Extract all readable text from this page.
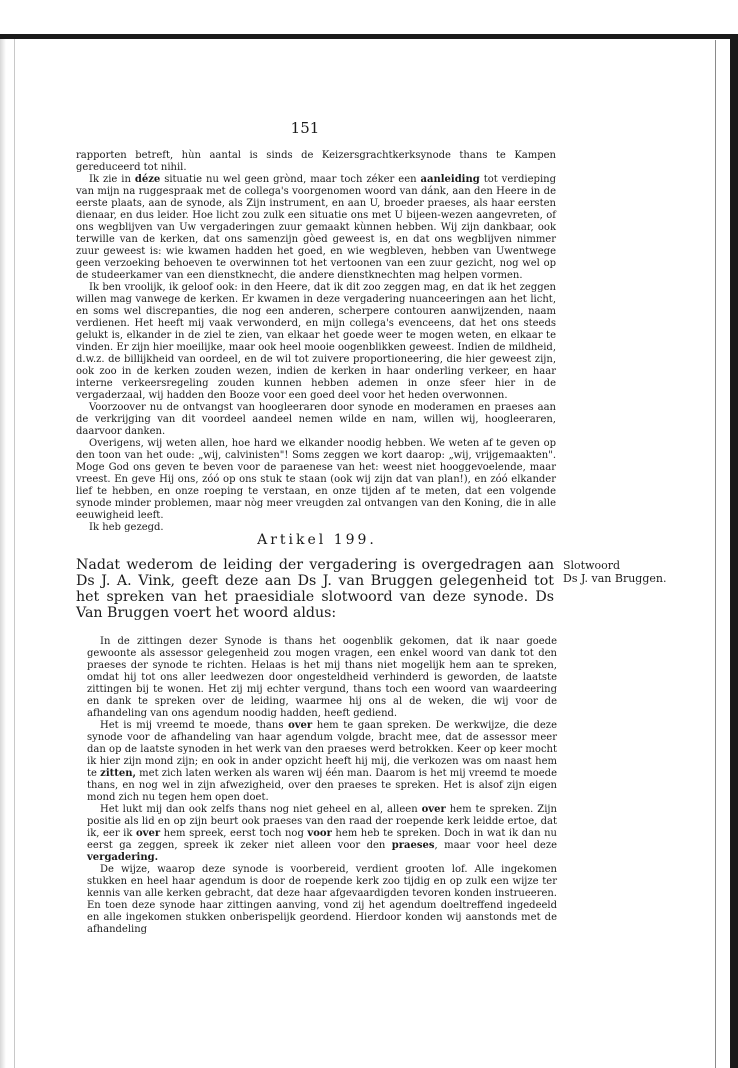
151

rapporten betreft, hùn aantal is sinds de Keizersgrachtkerksynode thans te Kampen gereduceerd tot nihil.

Ik zie in déze situatie nu wel geen grònd, maar toch zéker een aanleiding tot verdieping van mijn na ruggespraak met de collega's voorgenomen woord van dánk, aan den Heere in de eerste plaats, aan de synode, als Zijn instrument, en aan U, broeder praeses, als haar eersten dienaar, en dus leider. Hoe licht zou zulk een situatie ons met U bijeen-wezen aangevreten, of ons wegblijven van Uw vergaderingen zuur gemaakt kùnnen hebben. Wij zijn dankbaar, ook terwille van de kerken, dat ons samenzijn gòed geweest is, en dat ons wegblijven nimmer zuur geweest is: wie kwamen hadden het goed, en wie wegbleven, hebben van Uwentwege geen verzoeking behoeven te overwinnen tot het vertoonen van een zuur gezicht, nog wel op de studeerkamer van een dienstknecht, die andere dienstknechten mag helpen vormen.

Ik ben vroolijk, ik geloof ook: in den Heere, dat ik dit zoo zeggen mag, en dat ik het zeggen willen mag vanwege de kerken. Er kwamen in deze vergadering nuanceeringen aan het licht, en soms wel discrepanties, die nog een anderen, scherpere contouren aanwijzenden, naam verdienen. Het heeft mij vaak verwonderd, en mijn collega's evenceens, dat het ons steeds gelukt is, elkander in de ziel te zien, van elkaar het goede weer te mogen weten, en elkaar te vinden. Er zijn hier moeilijke, maar ook heel mooie oogenblikken geweest. Indien de mildheid, d.w.z. de billijkheid van oordeel, en de wil tot zuivere proportioneering, die hier geweest zijn, ook zoo in de kerken zouden wezen, indien de kerken in haar onderling verkeer, en haar interne verkeersregeling zouden kunnen hebben ademen in onze sfeer hier in de vergaderzaal, wij hadden den Booze voor een goed deel voor het heden overwonnen.

Voorzoover nu de ontvangst van hoogleeraren door synode en moderamen en praeses aan de verkrijging van dit voordeel aandeel nemen wilde en nam, willen wij, hoogleeraren, daarvoor danken.

Overigens, wij weten allen, hoe hard we elkander noodig hebben. We weten af te geven op den toon van het oude: „wij, calvinisten"! Soms zeggen we kort daarop: „wij, vrijgemaakten". Moge God ons geven te beven voor de paraenese van het: weest niet hooggevoelende, maar vreest. En geve Hij ons, zóó op ons stuk te staan (ook wij zijn dat van plan!), en zóó elkander lief te hebben, en onze roeping te verstaan, en onze tijden af te meten, dat een volgende synode minder problemen, maar nòg meer vreugden zal ontvangen van den Koning, die in alle eeuwigheid leeft.

Ik heb gezegd.

Artikel 199.
Nadat wederom de leiding der vergadering is overgedragen aan Ds J. A. Vink, geeft deze aan Ds J. van Bruggen gelegenheid tot het spreken van het praesidiale slotwoord van deze synode. Ds Van Bruggen voert het woord aldus:
Slotwoord
Ds J. van Bruggen.

In de zittingen dezer Synode is thans het oogenblik gekomen, dat ik naar goede gewoonte als assessor gelegenheid zou mogen vragen, een enkel woord van dank tot den praeses der synode te richten. Helaas is het mij thans niet mogelijk hem aan te spreken, omdat hij tot ons aller leedwezen door ongesteldheid verhinderd is geworden, de laatste zittingen bij te wonen. Het zij mij echter vergund, thans toch een woord van waardeering en dank te spreken over de leiding, waarmee hij ons al de weken, die wij voor de afhandeling van ons agendum noodig hadden, heeft gediend.

Het is mij vreemd te moede, thans over hem te gaan spreken. De werkwijze, die deze synode voor de afhandeling van haar agendum volgde, bracht mee, dat de assessor meer dan op de laatste synoden in het werk van den praeses werd betrokken. Keer op keer mocht ik hier zijn mond zijn; en ook in ander opzicht heeft hij mij, die verkozen was om naast hem te zitten, met zich laten werken als waren wij één man. Daarom is het mij vreemd te moede thans, en nog wel in zijn afwezigheid, over den praeses te spreken. Het is alsof zijn eigen mond zich nu tegen hem open doet.

Het lukt mij dan ook zelfs thans nog niet geheel en al, alleen over hem te spreken. Zijn positie als lid en op zijn beurt ook praeses van den raad der roepende kerk leidde ertoe, dat ik, eer ik over hem spreek, eerst toch nog voor hem heb te spreken. Doch in wat ik dan nu eerst ga zeggen, spreek ik zeker niet alleen voor den praeses, maar voor heel deze vergadering.

De wijze, waarop deze synode is voorbereid, verdient grooten lof. Alle ingekomen stukken en heel haar agendum is door de roepende kerk zoo tijdig en op zulk een wijze ter kennis van alle kerken gebracht, dat deze haar afgevaardigden tevoren konden instrueeren. En toen deze synode haar zittingen aanving, vond zij het agendum doeltreffend ingedeeld en alle ingekomen stukken onberispelijk geordend. Hierdoor konden wij aanstonds met de afhandeling
